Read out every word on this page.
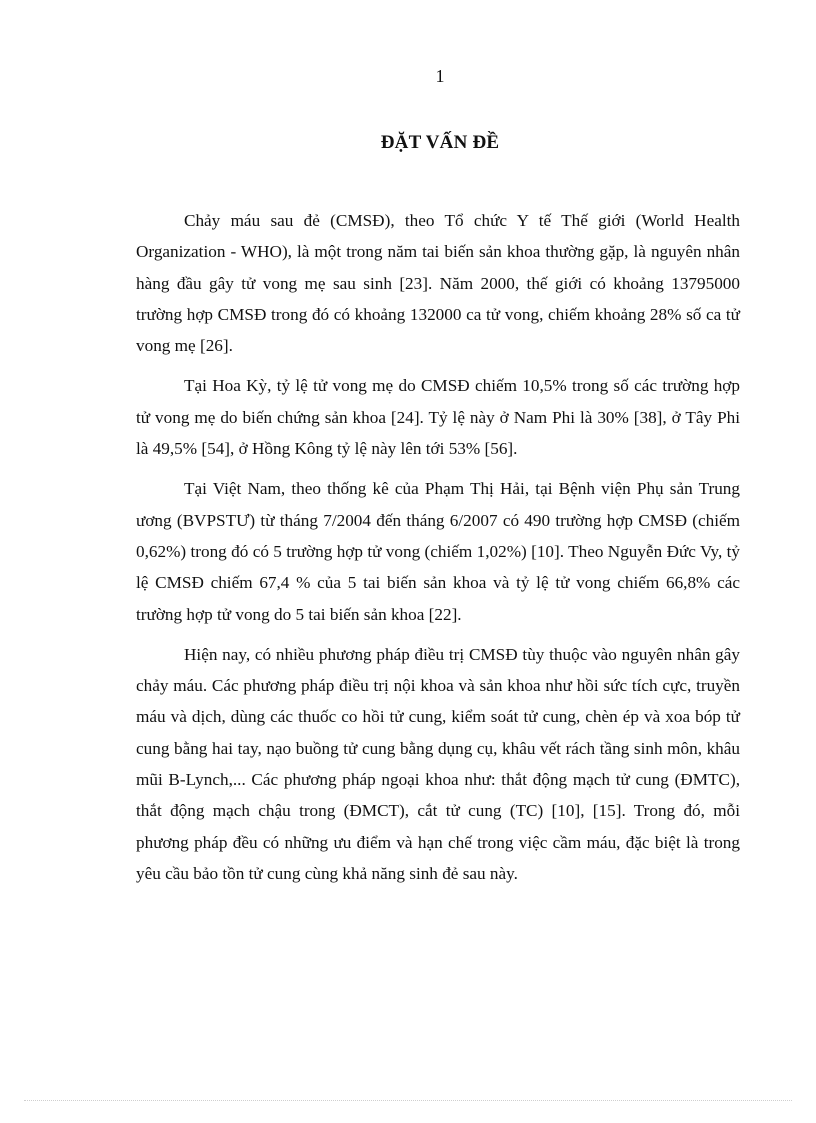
1

ĐẶT VẤN ĐỀ

Chảy máu sau đẻ (CMSĐ), theo Tổ chức Y tế Thế giới (World Health Organization - WHO), là một trong năm tai biến sản khoa thường gặp, là nguyên nhân hàng đầu gây tử vong mẹ sau sinh [23]. Năm 2000, thế giới có khoảng 13795000 trường hợp CMSĐ trong đó có khoảng 132000 ca tử vong, chiếm khoảng 28% số ca tử vong mẹ [26].

Tại Hoa Kỳ, tỷ lệ tử vong mẹ do CMSĐ chiếm 10,5% trong số các trường hợp tử vong mẹ do biến chứng sản khoa [24]. Tỷ lệ này ở Nam Phi là 30% [38], ở Tây Phi là 49,5% [54], ở Hồng Kông tỷ lệ này lên tới 53% [56].

Tại Việt Nam, theo thống kê của Phạm Thị Hải, tại Bệnh viện Phụ sản Trung ương (BVPSTƯ) từ tháng 7/2004 đến tháng 6/2007 có 490 trường hợp CMSĐ (chiếm 0,62%) trong đó có 5 trường hợp tử vong (chiếm 1,02%) [10]. Theo Nguyễn Đức Vy, tỷ lệ CMSĐ chiếm 67,4 % của 5 tai biến sản khoa và tỷ lệ tử vong chiếm 66,8% các trường hợp tử vong do 5 tai biến sản khoa [22].

Hiện nay, có nhiều phương pháp điều trị CMSĐ tùy thuộc vào nguyên nhân gây chảy máu. Các phương pháp điều trị nội khoa và sản khoa như hồi sức tích cực, truyền máu và dịch, dùng các thuốc co hồi tử cung, kiểm soát tử cung, chèn ép và xoa bóp tử cung bằng hai tay, nạo buồng tử cung bằng dụng cụ, khâu vết rách tầng sinh môn, khâu mũi B-Lynch,... Các phương pháp ngoại khoa như: thắt động mạch tử cung (ĐMTC), thắt động mạch chậu trong (ĐMCT), cắt tử cung (TC) [10], [15]. Trong đó, mỗi phương pháp đều có những ưu điểm và hạn chế trong việc cầm máu, đặc biệt là trong yêu cầu bảo tồn tử cung cùng khả năng sinh đẻ sau này.
